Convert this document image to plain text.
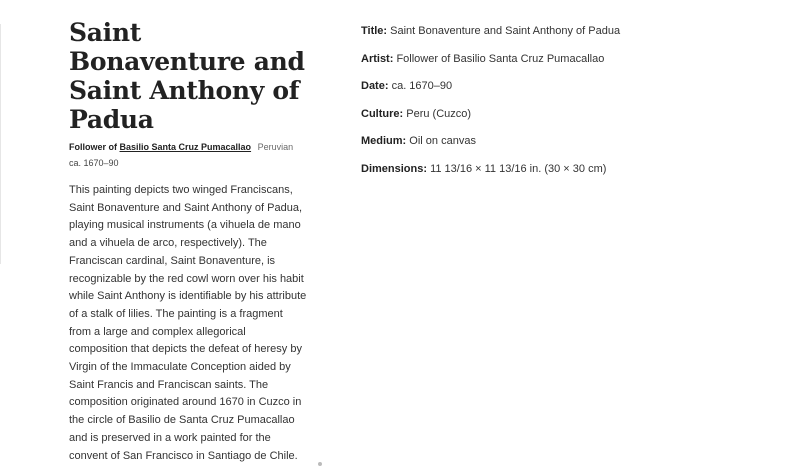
Saint Bonaventure and Saint Anthony of Padua
Follower of Basilio Santa Cruz Pumacallao Peruvian
ca. 1670–90
This painting depicts two winged Franciscans, Saint Bonaventure and Saint Anthony of Padua, playing musical instruments (a vihuela de mano and a vihuela de arco, respectively). The Franciscan cardinal, Saint Bonaventure, is recognizable by the red cowl worn over his habit while Saint Anthony is identifiable by his attribute of a stalk of lilies. The painting is a fragment from a large and complex allegorical composition that depicts the defeat of heresy by Virgin of the Immaculate Conception aided by Saint Francis and Franciscan saints. The composition originated around 1670 in Cuzco in the circle of Basilio de Santa Cruz Pumacallao and is preserved in a work painted for the convent of San Francisco in Santiago de Chile.
Title: Saint Bonaventure and Saint Anthony of Padua
Artist: Follower of Basilio Santa Cruz Pumacallao
Date: ca. 1670–90
Culture: Peru (Cuzco)
Medium: Oil on canvas
Dimensions: 11 13/16 × 11 13/16 in. (30 × 30 cm)
